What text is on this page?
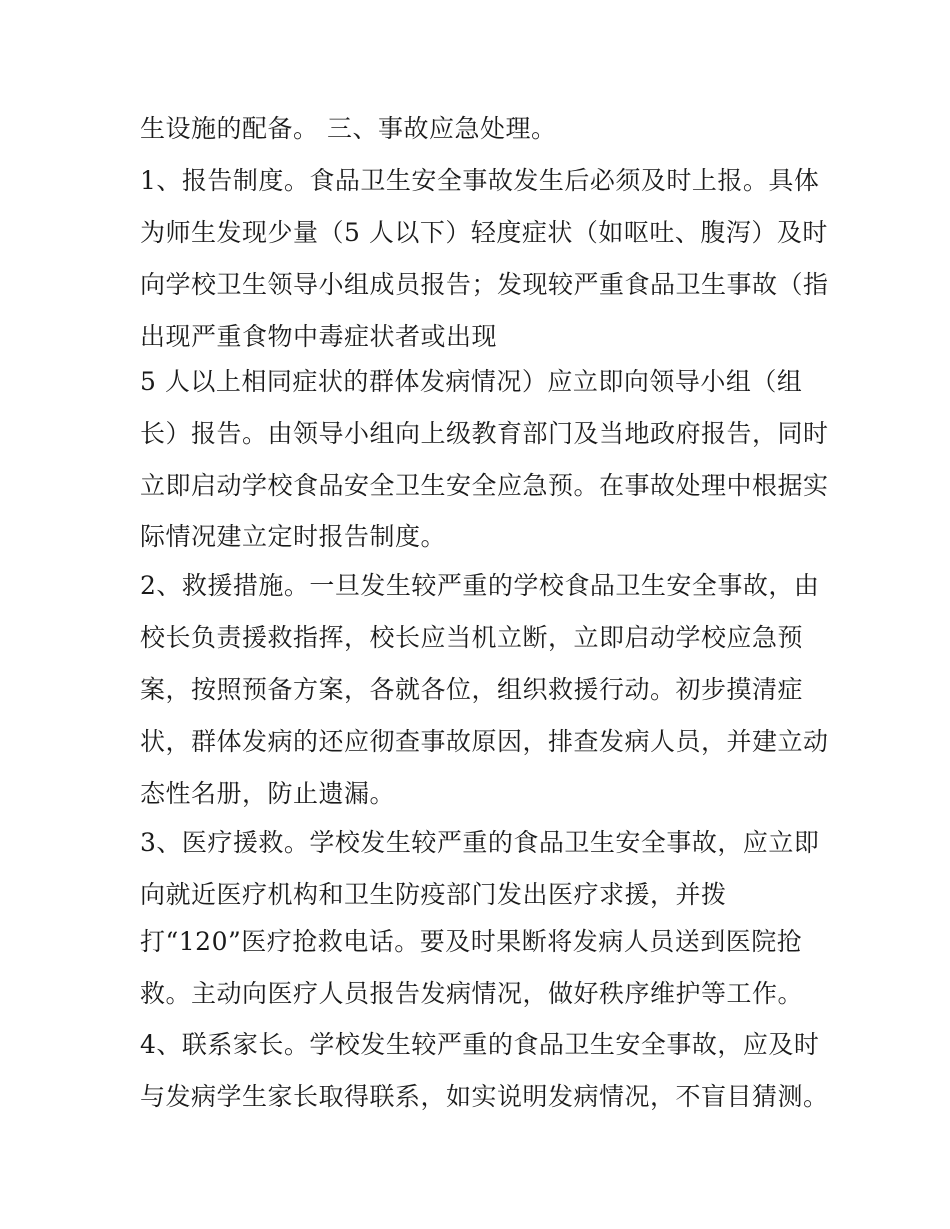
生设施的配备。 三、事故应急处理。
1、报告制度。食品卫生安全事故发生后必须及时上报。具体
为师生发现少量（5 人以下）轻度症状（如呕吐、腹泻）及时
向学校卫生领导小组成员报告；发现较严重食品卫生事故（指
出现严重食物中毒症状者或出现
5 人以上相同症状的群体发病情况）应立即向领导小组（组
长）报告。由领导小组向上级教育部门及当地政府报告，同时
立即启动学校食品安全卫生安全应急预。在事故处理中根据实
际情况建立定时报告制度。
2、救援措施。一旦发生较严重的学校食品卫生安全事故，由
校长负责援救指挥，校长应当机立断，立即启动学校应急预
案，按照预备方案，各就各位，组织救援行动。初步摸清症
状，群体发病的还应彻查事故原因，排查发病人员，并建立动
态性名册，防止遗漏。
3、医疗援救。学校发生较严重的食品卫生安全事故，应立即
向就近医疗机构和卫生防疫部门发出医疗求援，并拨
打“120”医疗抢救电话。要及时果断将发病人员送到医院抢
救。主动向医疗人员报告发病情况，做好秩序维护等工作。
4、联系家长。学校发生较严重的食品卫生安全事故，应及时
与发病学生家长取得联系，如实说明发病情况，不盲目猜测。
